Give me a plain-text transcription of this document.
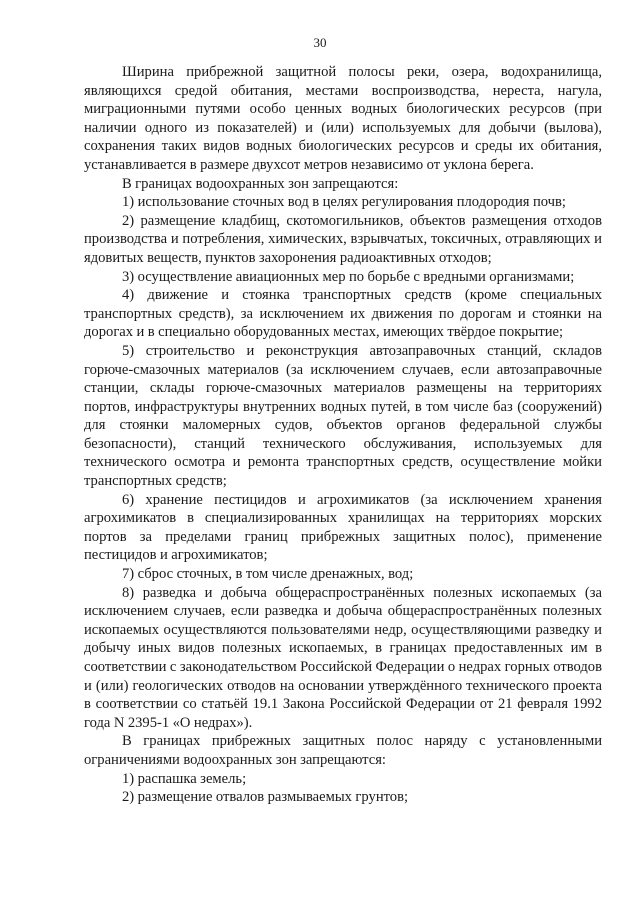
30

Ширина прибрежной защитной полосы реки, озера, водохранилища, являющихся средой обитания, местами воспроизводства, нереста, нагула, миграционными путями особо ценных водных биологических ресурсов (при наличии одного из показателей) и (или) используемых для добычи (вылова), сохранения таких видов водных биологических ресурсов и среды их обитания, устанавливается в размере двухсот метров независимо от уклона берега.

В границах водоохранных зон запрещаются:

1) использование сточных вод в целях регулирования плодородия почв;

2) размещение кладбищ, скотомогильников, объектов размещения отходов производства и потребления, химических, взрывчатых, токсичных, отравляющих и ядовитых веществ, пунктов захоронения радиоактивных отходов;

3) осуществление авиационных мер по борьбе с вредными организмами;

4) движение и стоянка транспортных средств (кроме специальных транспортных средств), за исключением их движения по дорогам и стоянки на дорогах и в специально оборудованных местах, имеющих твёрдое покрытие;

5) строительство и реконструкция автозаправочных станций, складов горюче-смазочных материалов (за исключением случаев, если автозаправочные станции, склады горюче-смазочных материалов размещены на территориях портов, инфраструктуры внутренних водных путей, в том числе баз (сооружений) для стоянки маломерных судов, объектов органов федеральной службы безопасности), станций технического обслуживания, используемых для технического осмотра и ремонта транспортных средств, осуществление мойки транспортных средств;

6) хранение пестицидов и агрохимикатов (за исключением хранения агрохимикатов в специализированных хранилищах на территориях морских портов за пределами границ прибрежных защитных полос), применение пестицидов и агрохимикатов;

7) сброс сточных, в том числе дренажных, вод;

8) разведка и добыча общераспространённых полезных ископаемых (за исключением случаев, если разведка и добыча общераспространённых полезных ископаемых осуществляются пользователями недр, осуществляющими разведку и добычу иных видов полезных ископаемых, в границах предоставленных им в соответствии с законодательством Российской Федерации о недрах горных отводов и (или) геологических отводов на основании утверждённого технического проекта в соответствии со статьёй 19.1 Закона Российской Федерации от 21 февраля 1992 года N 2395-1 «О недрах»).

В границах прибрежных защитных полос наряду с установленными ограничениями водоохранных зон запрещаются:

1) распашка земель;

2) размещение отвалов размываемых грунтов;
